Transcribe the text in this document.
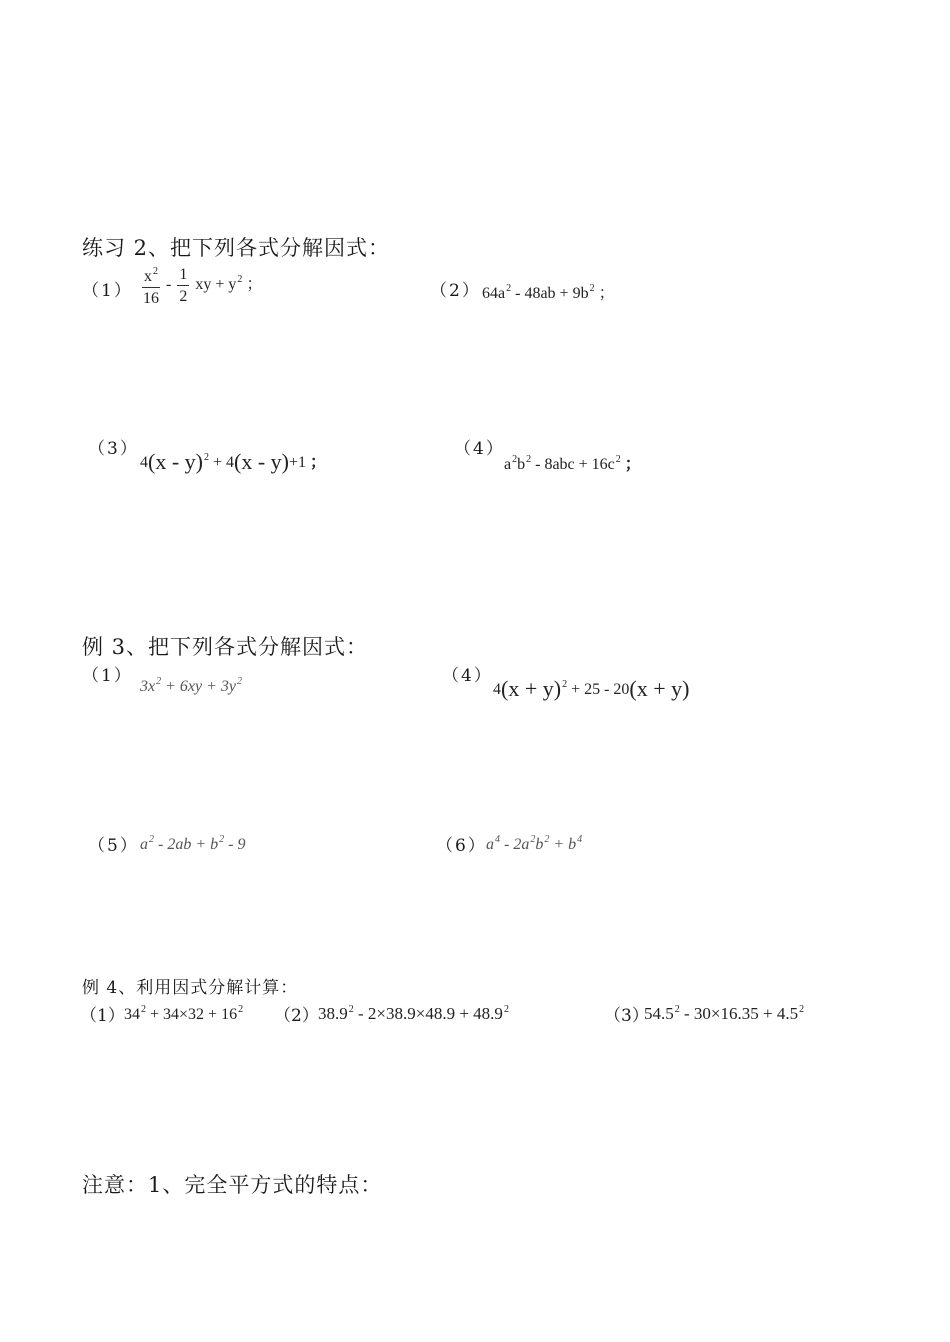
练习 2、把下列各式分解因式：
$(1) \frac{x^2}{16} - \frac{1}{2}$ xy + $y^2$ ；	（2） $64a^2 - 48ab + 9b^2$ ；
（3）
4(x - y)$^2$ + 4(x - y)+1 ；
（4）
$a^2b^2 - 8abc + 16c^2$ ；
例 3、把下列各式分解因式：
（1）
$3x^2 + 6xy + 3y^2$	（4）
$4(x + y)^2 + 25 - 20(x + y)$
（5） $a^2 - 2ab + b^2 - 9$	（6） $a^4 - 2a^2b^2 + b^4$
例 4、利用因式分解计算：
（1） $34^2 + 34\times 32 + 16^2$ （2） $38.9^2 - 2\times 38.9\times 48.9 + 48.9^2$	（3）
$54.5^2 - 30\times 16.35 + 4.5^2$
注意：1、完全平方式的特点：
